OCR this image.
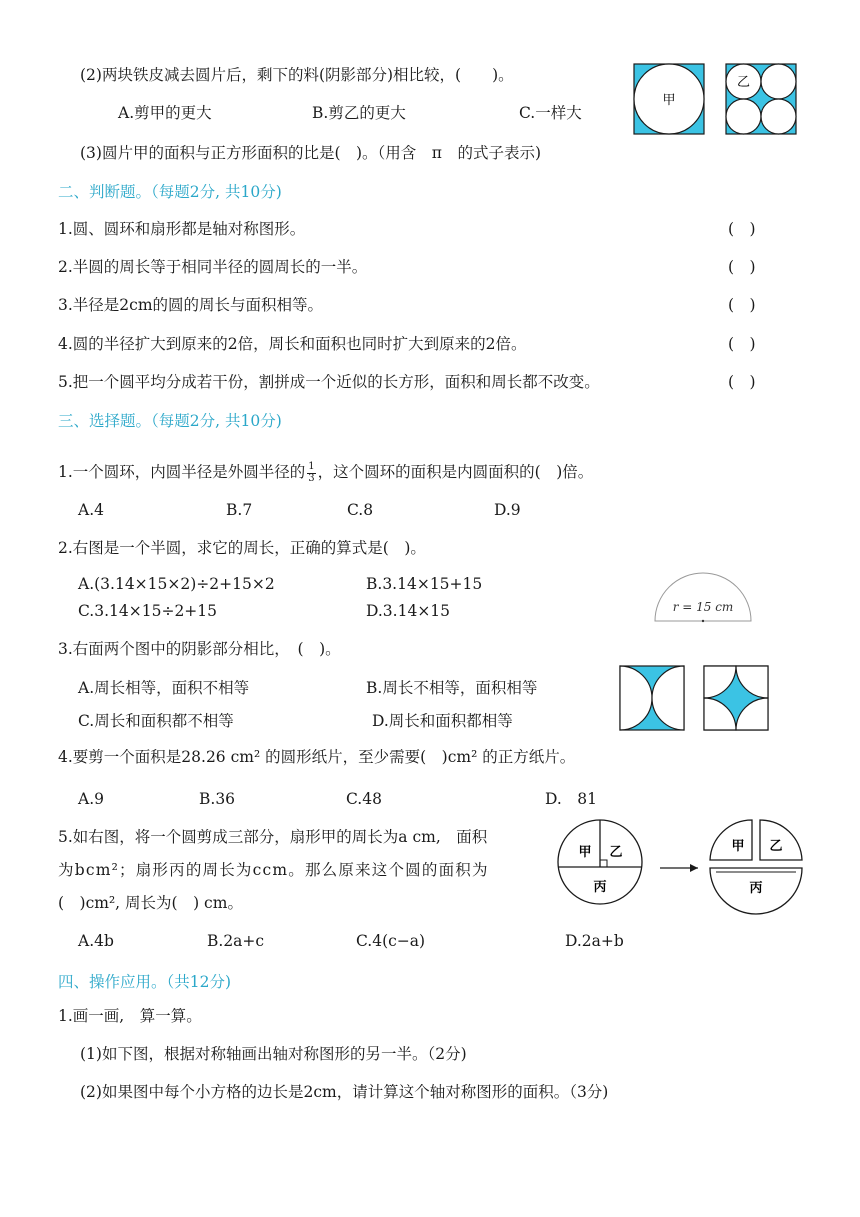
(2)两块铁皮减去圆片后，剩下的料(阴影部分)相比较，(　　)。
A.剪甲的更大	B.剪乙的更大	C.一样大
(3)圆片甲的面积与正方形面积的比是(　)。（用含　π　的式子表示)
甲
乙
二、判断题。（每题2分, 共10分)
1.圆、圆环和扇形都是轴对称图形。	(　)
2.半圆的周长等于相同半径的圆周长的一半。	(　)
3.半径是2cm的圆的周长与面积相等。	(　)
4.圆的半径扩大到原来的2倍，周长和面积也同时扩大到原来的2倍。	(　)
5.把一个圆平均分成若干份，割拼成一个近似的长方形，面积和周长都不改变。	(　)
三、选择题。（每题2分, 共10分)
1.一个圆环，内圆半径是外圆半径的 $\frac{1}{3}$ ，这个圆环的面积是内圆面积的(　)倍。
A.4	B.7	C.8	D.9
2.右图是一个半圆，求它的周长，正确的算式是(　)。
A.(3.14×15×2)÷2+15×2	B.3.14×15+15
C.3.14×15÷2+15	D.3.14×15	r = 15 cm
3.右面两个图中的阴影部分相比，　(　)。
A.周长相等，面积不相等	B.周长不相等，面积相等
C.周长和面积都不相等	D.周长和面积都相等
4.要剪一个面积是28.26 cm² 的圆形纸片，至少需要(　)cm² 的正方纸片。
A.9	B.36	C.48	D.　81
5.如右图，将一个圆剪成三部分，扇形甲的周长为a cm,　面积
为bcm²；扇形丙的周长为ccm。那么原来这个圆的面积为
(　)cm², 周长为(　) cm。
甲 乙
丙
甲 乙
丙
A.4b	B.2a+c	C.4(c−a)	D.2a+b
四、操作应用。（共12分)
1.画一画,　算一算。
(1)如下图，根据对称轴画出轴对称图形的另一半。（2分)
(2)如果图中每个小方格的边长是2cm，请计算这个轴对称图形的面积。（3分)
